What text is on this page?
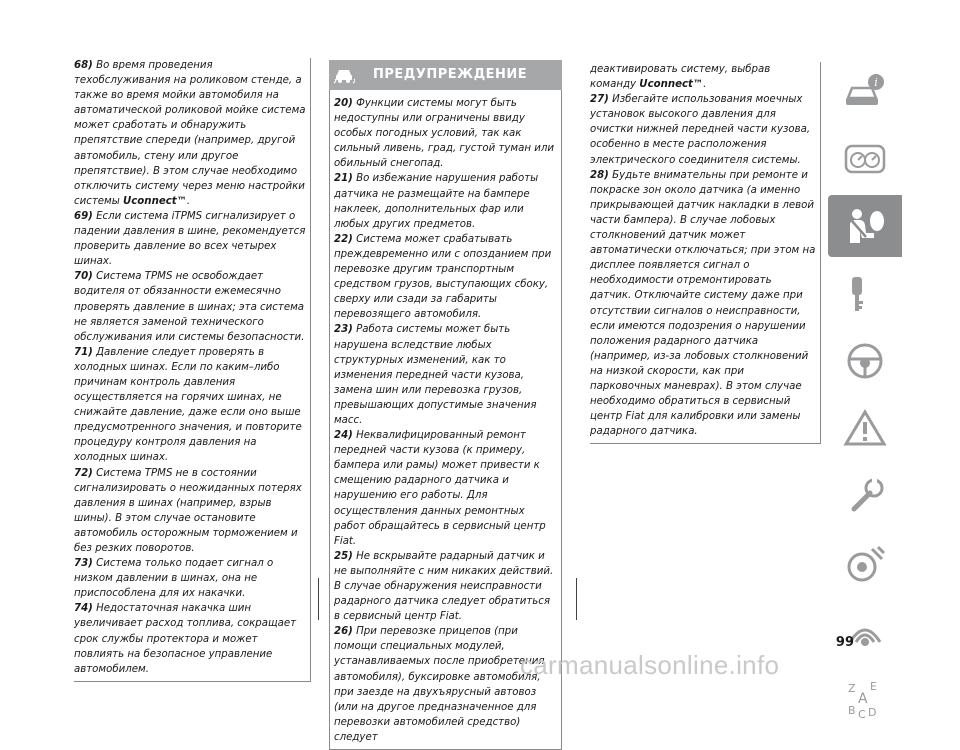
68) Во время проведения техобслуживания на роликовом стенде, а также во время мойки автомобиля на автоматической роликовой мойке система может сработать и обнаружить препятствие спереди (например, другой автомобиль, стену или другое препятствие). В этом случае необходимо отключить систему через меню настройки системы Uconnect™.

69) Если система iTPMS сигнализирует о падении давления в шине, рекомендуется проверить давление во всех четырех шинах.

70) Система TPMS не освобождает водителя от обязанности ежемесячно проверять давление в шинах; эта система не является заменой технического обслуживания или системы безопасности.

71) Давление следует проверять в холодных шинах. Если по каким–либо причинам контроль давления осуществляется на горячих шинах, не снижайте давление, даже если оно выше предусмотренного значения, и повторите процедуру контроля давления на холодных шинах.

72) Система TPMS не в состоянии сигнализировать о неожиданных потерях давления в шинах (например, взрыв шины). В этом случае остановите автомобиль осторожным торможением и без резких поворотов.

73) Система только подает сигнал о низком давлении в шинах, она не приспособлена для их накачки.

74) Недостаточная накачка шин увеличивает расход топлива, сокращает срок службы протектора и может повлиять на безопасное управление автомобилем.

ПРЕДУПРЕЖДЕНИЕ

20) Функции системы могут быть недоступны или ограничены ввиду особых погодных условий, так как сильный ливень, град, густой туман или обильный снегопад.

21) Во избежание нарушения работы датчика не размещайте на бампере наклеек, дополнительных фар или любых других предметов.

22) Система может срабатывать преждевременно или с опозданием при перевозке другим транспортным средством грузов, выступающих сбоку, сверху или сзади за габариты перевозящего автомобиля.

23) Работа системы может быть нарушена вследствие любых структурных изменений, как то изменения передней части кузова, замена шин или перевозка грузов, превышающих допустимые значения масс.

24) Неквалифицированный ремонт передней части кузова (к примеру, бампера или рамы) может привести к смещению радарного датчика и нарушению его работы. Для осуществления данных ремонтных работ обращайтесь в сервисный центр Fiat.

25) Не вскрывайте радарный датчик и не выполняйте с ним никаких действий. В случае обнаружения неисправности радарного датчика следует обратиться в сервисный центр Fiat.

26) При перевозке прицепов (при помощи специальных модулей, устанавливаемых после приобретения автомобиля), буксировке автомобиля, при заезде на двухъярусный автовоз (или на другое предназначенное для перевозки автомобилей средство) следует

деактивировать систему, выбрав команду Uconnect™.

27) Избегайте использования моечных установок высокого давления для очистки нижней передней части кузова, особенно в месте расположения электрического соединителя системы.

28) Будьте внимательны при ремонте и покраске зон около датчика (а именно прикрывающей датчик накладки в левой части бампера). В случае лобовых столкновений датчик может автоматически отключаться; при этом на дисплее появляется сигнал о необходимости отремонтировать датчик. Отключайте систему даже при отсутствии сигналов о неисправности, если имеются подозрения о нарушении положения радарного датчика (например, из-за лобовых столкновений на низкой скорости, как при парковочных маневрах). В этом случае необходимо обратиться в сервисный центр Fiat для калибровки или замены радарного датчика.

i
Z E
A
B D
C
99
carmanualsonline.info
